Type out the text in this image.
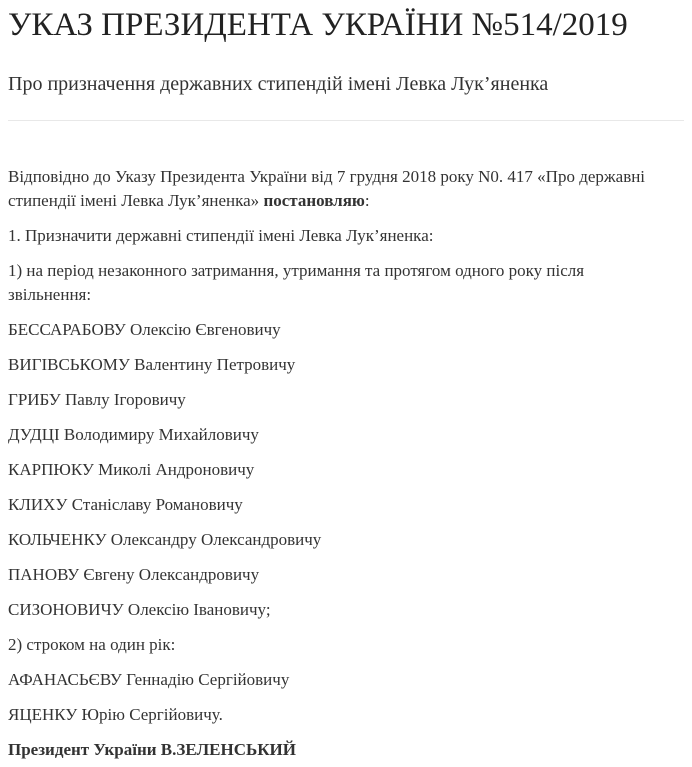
УКАЗ ПРЕЗИДЕНТА УКРАЇНИ №514/2019
Про призначення державних стипендій імені Левка Лук’яненка
Відповідно до Указу Президента України від 7 грудня 2018 року N0. 417 «Про державні
стипендії імені Левка Лук’яненка» постановляю:
1. Призначити державні стипендії імені Левка Лук’яненка:
1) на період незаконного затримання, утримання та протягом одного року після
звільнення:
БЕССАРАБОВУ Олексію Євгеновичу
ВИГІВСЬКОМУ Валентину Петровичу
ГРИБУ Павлу Ігоровичу
ДУДЦІ Володимиру Михайловичу
КАРПЮКУ Миколі Андроновичу
КЛИХУ Станіславу Романовичу
КОЛЬЧЕНКУ Олександру Олександровичу
ПАНОВУ Євгену Олександровичу
СИЗОНОВИЧУ Олексію Івановичу;
2) строком на один рік:
АФАНАСЬЄВУ Геннадію Сергійовичу
ЯЦЕНКУ Юрію Сергійовичу.
Президент України В.ЗЕЛЕНСЬКИЙ
